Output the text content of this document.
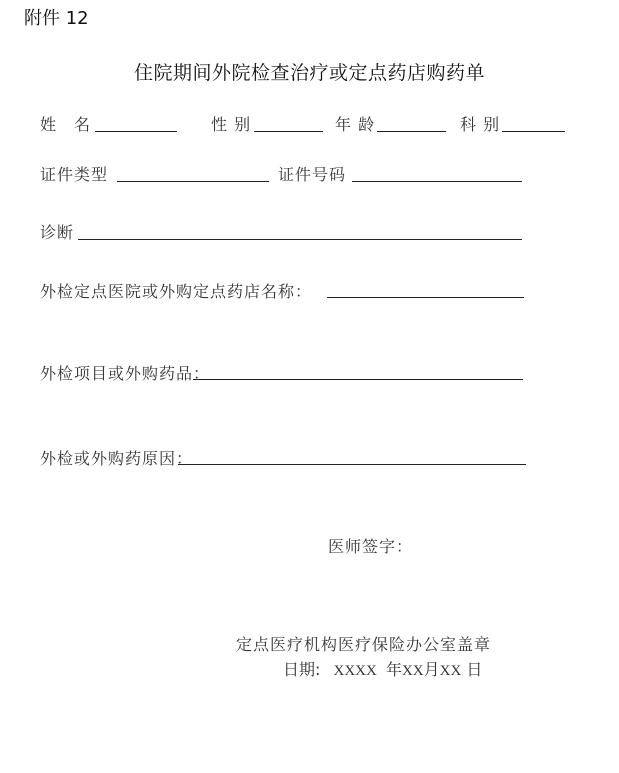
附件 12
住院期间外院检查治疗或定点药店购药单
姓　名	性 别	年 龄	科 别
证件类型	证件号码
诊断
外检定点医院或外购定点药店名称：
外检项目或外购药品：
外检或外购药原因：
医师签字：
定点医疗机构医疗保险办公室盖章
日期: XXXX 年XX月XX 日
